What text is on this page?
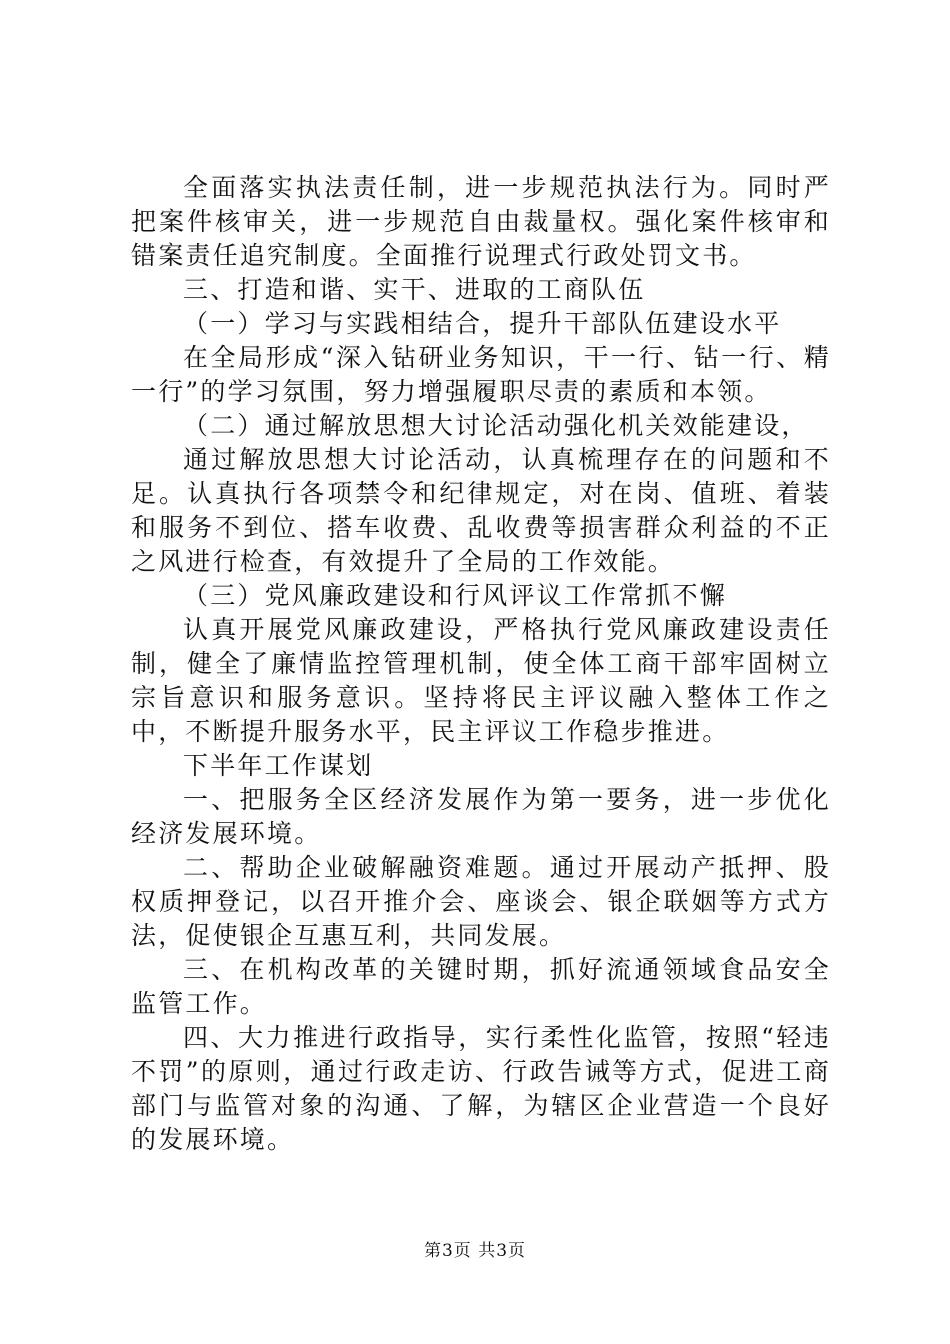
全面落实执法责任制，进一步规范执法行为。同时严把案件核审关，进一步规范自由裁量权。强化案件核审和错案责任追究制度。全面推行说理式行政处罚文书。

三、打造和谐、实干、进取的工商队伍

（一）学习与实践相结合，提升干部队伍建设水平

在全局形成“深入钻研业务知识，干一行、钻一行、精一行”的学习氛围，努力增强履职尽责的素质和本领。

（二）通过解放思想大讨论活动强化机关效能建设，

通过解放思想大讨论活动，认真梳理存在的问题和不足。认真执行各项禁令和纪律规定，对在岗、值班、着装和服务不到位、搭车收费、乱收费等损害群众利益的不正之风进行检查，有效提升了全局的工作效能。

（三）党风廉政建设和行风评议工作常抓不懈

认真开展党风廉政建设，严格执行党风廉政建设责任制，健全了廉情监控管理机制，使全体工商干部牢固树立宗旨意识和服务意识。坚持将民主评议融入整体工作之中，不断提升服务水平，民主评议工作稳步推进。

下半年工作谋划

一、把服务全区经济发展作为第一要务，进一步优化经济发展环境。

二、帮助企业破解融资难题。通过开展动产抵押、股权质押登记，以召开推介会、座谈会、银企联姻等方式方法，促使银企互惠互利，共同发展。

三、在机构改革的关键时期，抓好流通领域食品安全监管工作。

四、大力推进行政指导，实行柔性化监管，按照“轻违不罚”的原则，通过行政走访、行政告诫等方式，促进工商部门与监管对象的沟通、了解，为辖区企业营造一个良好的发展环境。

第3页 共3页
